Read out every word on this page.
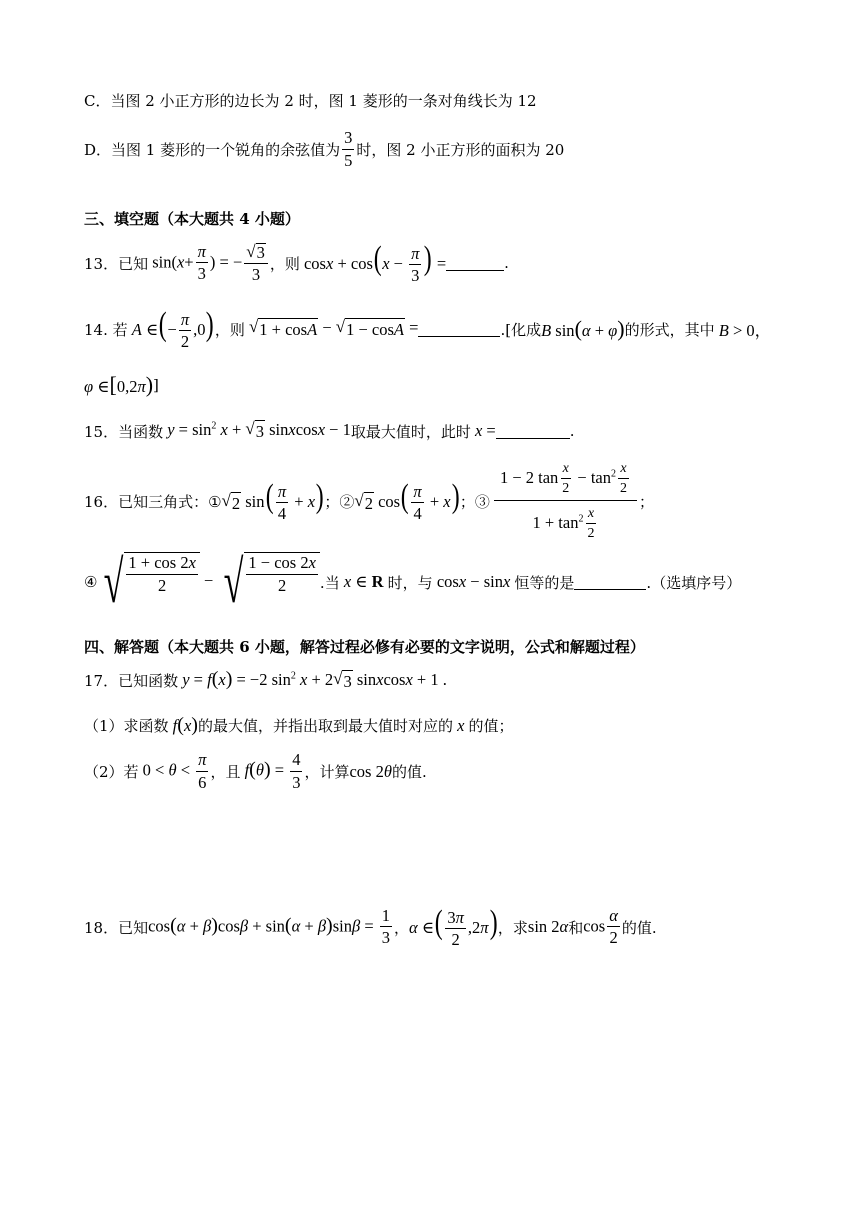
C．当图 2 小正方形的边长为 2 时，图 1 菱形的一条对角线长为 12
D．当图 1 菱形的一个锐角的余弦值为 $\frac{3}{5}$ 时，图 2 小正方形的面积为 20
三、填空题（本大题共 4 小题）
13．已知 $\sin(x+ \frac{\pi}{3}$ ) = − $\frac{√ 3}{3}$ ，则 $\cos x + \cos(x - \frac{\pi}{3}$ ) =	.
14. 若 A ∈(− $\frac{\pi}{2} ,0$) ，则
√ 1 + cosA − √ 1 − cosA =	.[化成 B sin(α + φ) 的形式，其中 B > 0，
φ ∈[0,2π) ]
15．当函数 $y = \sin^2 x$ + √ 3 sinxcosx − 1 取最大值时，此时 x =	.
16．已知三角式： ① √ 2 $\sin( \frac{\pi}{4} + x)$ ；② √ 2 $\cos( \frac{\pi}{4} + x)$ ；③ $\frac{1 - 2 \tan \frac{x}{2} - \tan^2 \frac{x}{2}}{1 + \tan^2 \frac{x}{2}}$ ；
④ √ $\frac{1 + \cos 2x}{2}$ − √ $\frac{1 - \cos 2x}{2}$ .当 x ∈ R 时，与 cosx − sinx 恒等的是	.（选填序号）
四、解答题（本大题共 6 小题，解答过程必修有必要的文字说明，公式和解题过程）
17．已知函数 y = f(x) = −2 $\sin^2 x + 2$ √ 3 sinxcosx + 1 .
（1）求函数 f(x) 的最大值，并指出取到最大值时对应的 x 的值；
（2）若 $0 < \theta < \frac{\pi}{6}$ ，且 $f(\theta) = \frac{4}{3}$ ，计算 cos 2θ 的值.
18．已知 $\cos(\alpha + \beta)\cos\beta + \sin(\alpha + \beta)\sin\beta = \frac{1}{3}$ ， α ∈( $\frac{3\pi}{2} ,2\pi$) ，求 sin 2α 和 $\cos \frac{\alpha}{2}$ 的值.
